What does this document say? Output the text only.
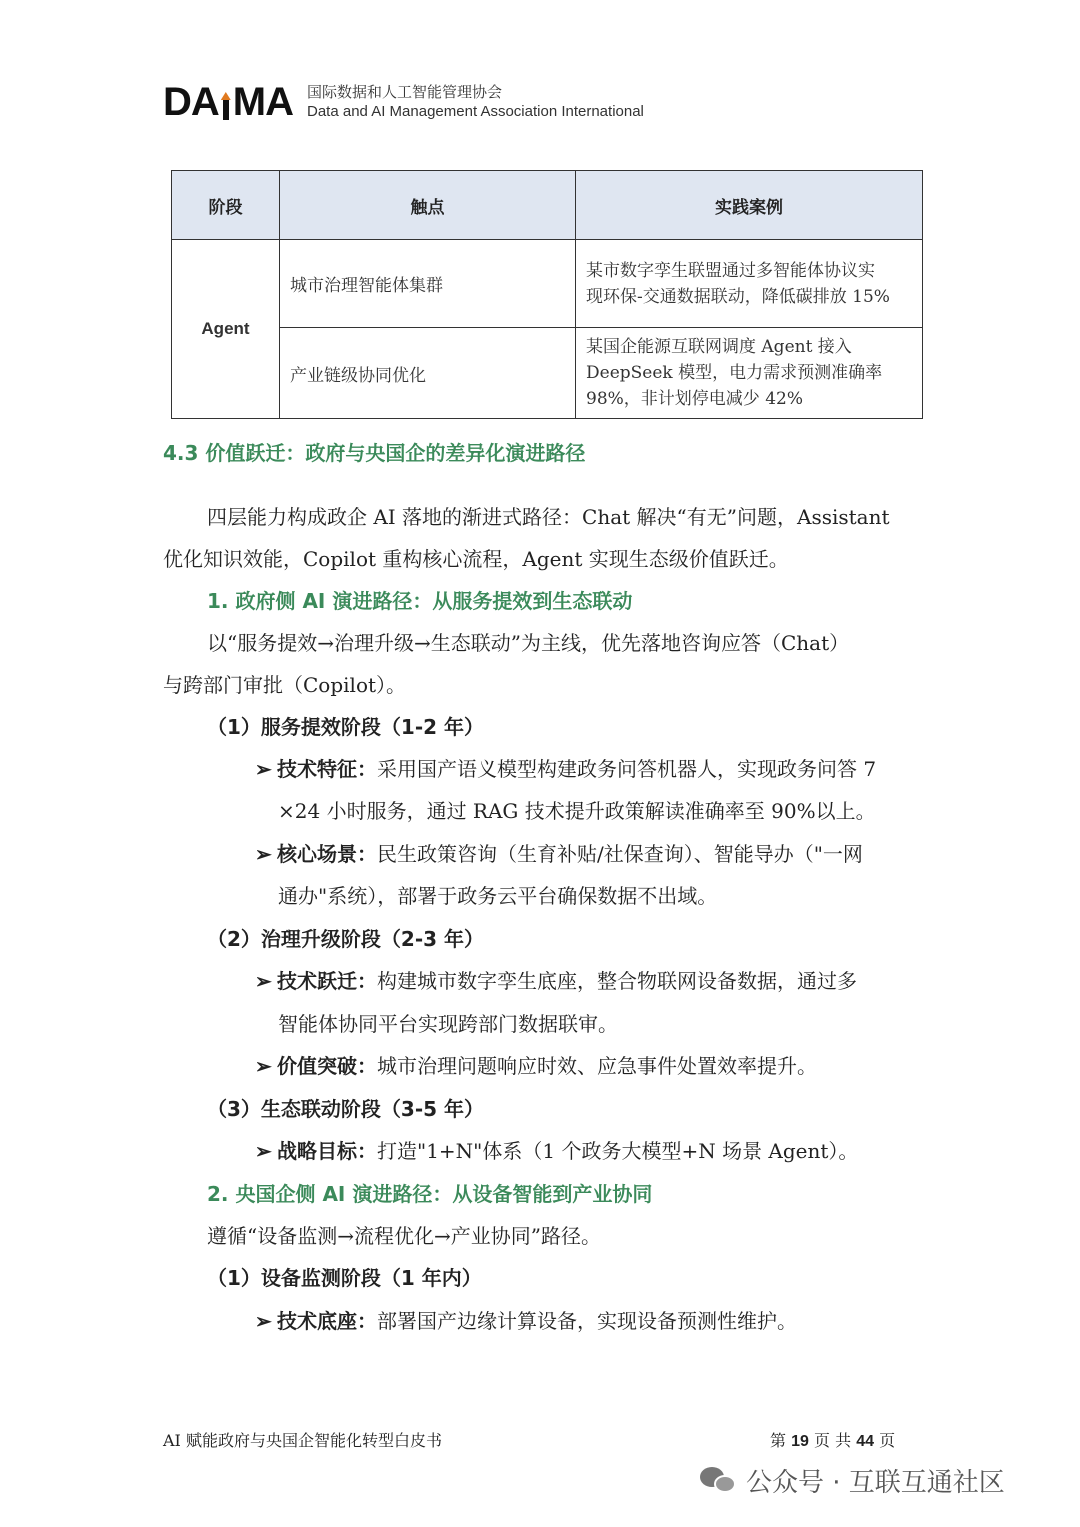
DA MA 国际数据和人工智能管理协会
Data and AI Management Association International
阶段	触点	实践案例
Agent	城市治理智能体集群	某市数字孪生联盟通过多智能体协议实
现环保-交通数据联动，降低碳排放 15%

	产业链级协同优化	某国企能源互联网调度 Agent 接入
DeepSeek 模型，电力需求预测准确率
98%，非计划停电减少 42%
4.3 价值跃迁：政府与央国企的差异化演进路径
四层能力构成政企 AI 落地的渐进式路径：Chat 解决“有无”问题，Assistant
优化知识效能，Copilot 重构核心流程，Agent 实现生态级价值跃迁。
1. 政府侧 AI 演进路径：从服务提效到生态联动
以“服务提效→治理升级→生态联动”为主线，优先落地咨询应答（Chat）
与跨部门审批（Copilot）。
（1）服务提效阶段（1-2 年）
➢ 技术特征：采用国产语义模型构建政务问答机器人，实现政务问答 7
×24 小时服务，通过 RAG 技术提升政策解读准确率至 90%以上。
➢ 核心场景：民生政策咨询（生育补贴/社保查询）、智能导办（"一网
通办"系统），部署于政务云平台确保数据不出域。
（2）治理升级阶段（2-3 年）
➢ 技术跃迁：构建城市数字孪生底座，整合物联网设备数据，通过多
智能体协同平台实现跨部门数据联审。
➢ 价值突破：城市治理问题响应时效、应急事件处置效率提升。
（3）生态联动阶段（3-5 年）
➢ 战略目标：打造"1+N"体系（1 个政务大模型+N 场景 Agent）。
2. 央国企侧 AI 演进路径：从设备智能到产业协同
遵循“设备监测→流程优化→产业协同”路径。
（1）设备监测阶段（1 年内）
➢ 技术底座：部署国产边缘计算设备，实现设备预测性维护。
AI 赋能政府与央国企智能化转型白皮书	第 19 页 共 44 页
公众号 · 互联互通社区
